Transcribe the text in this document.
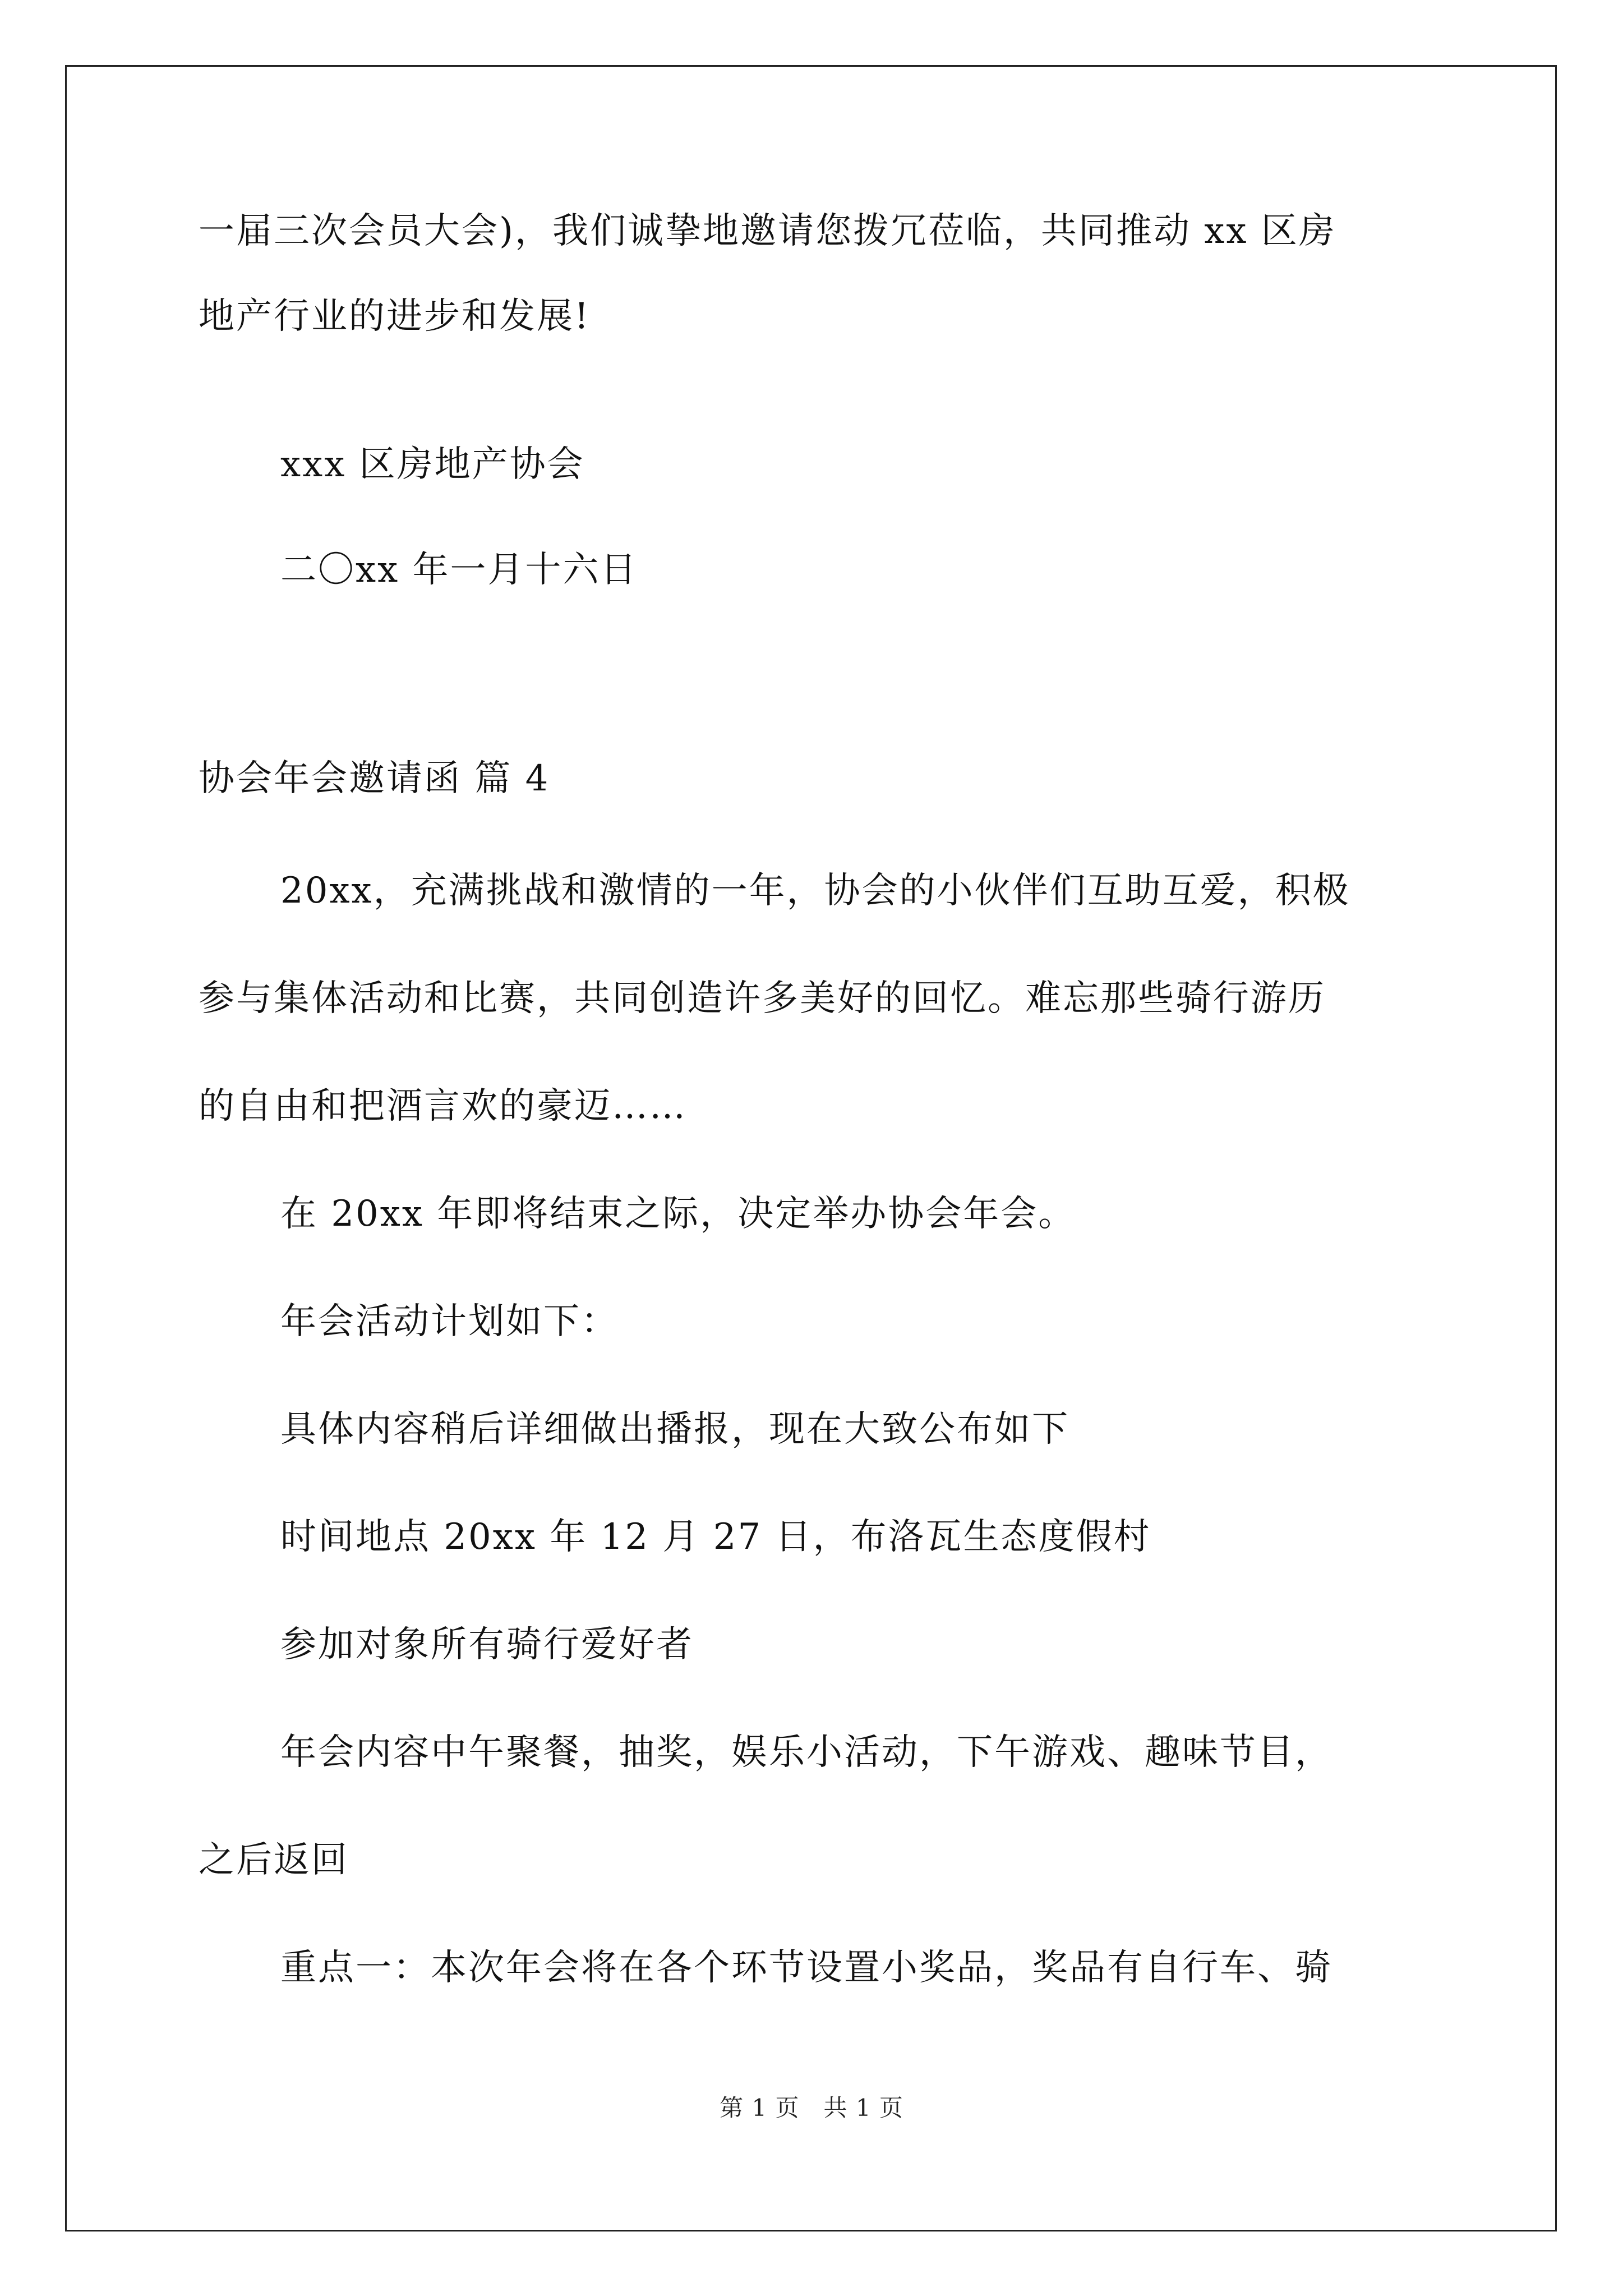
一届三次会员大会)，我们诚挚地邀请您拨冗莅临，共同推动 xx 区房
地产行业的进步和发展!
xxx 区房地产协会
二〇xx 年一月十六日
协会年会邀请函 篇 4
20xx，充满挑战和激情的一年，协会的小伙伴们互助互爱，积极
参与集体活动和比赛，共同创造许多美好的回忆。难忘那些骑行游历
的自由和把酒言欢的豪迈……
在 20xx 年即将结束之际，决定举办协会年会。
年会活动计划如下：
具体内容稍后详细做出播报，现在大致公布如下
时间地点 20xx 年 12 月 27 日，布洛瓦生态度假村
参加对象所有骑行爱好者
年会内容中午聚餐，抽奖，娱乐小活动，下午游戏、趣味节目，
之后返回
重点一：本次年会将在各个环节设置小奖品，奖品有自行车、骑
第 1 页　共 1 页
